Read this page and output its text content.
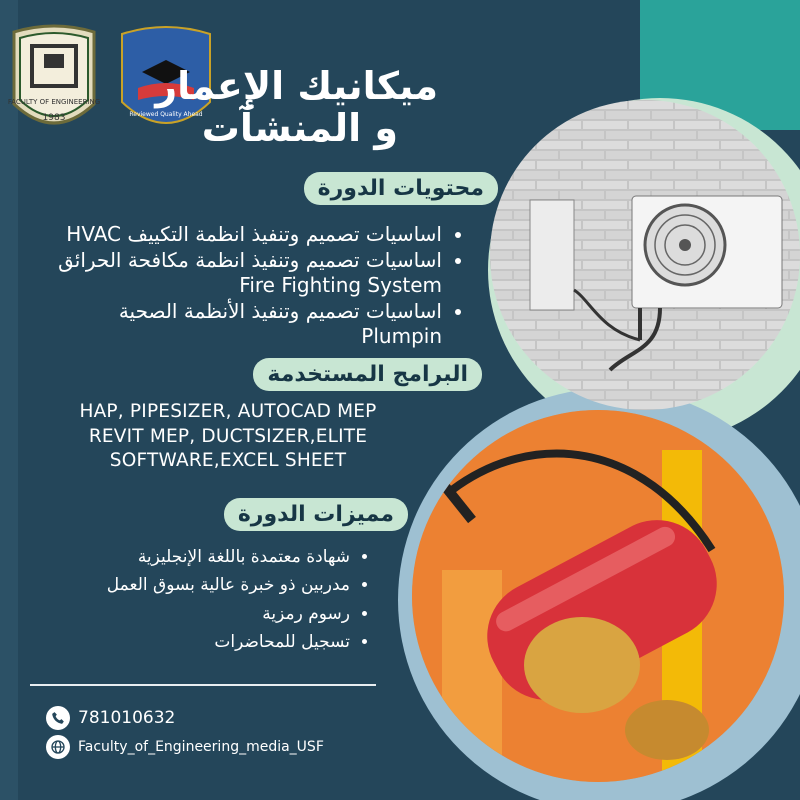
FACULTY OF ENGINEERING
1983	Reviewed Quality Ahead
ميكانيك الإعمار
و المنشآت
محتويات الدورة
• اساسيات تصميم وتنفيذ انظمة التكييف HVAC
• اساسيات تصميم وتنفيذ انظمة مكافحة الحرائق
Fire Fighting System
• اساسيات تصميم وتنفيذ الأنظمة الصحية
Plumpin
البرامج المستخدمة
HAP, PIPESIZER, AUTOCAD MEP
REVIT MEP, DUCTSIZER,ELITE
SOFTWARE,EXCEL SHEET
مميزات الدورة
• شهادة معتمدة باللغة الإنجليزية
• مدربين ذو خبرة عالية بسوق العمل
• رسوم رمزية
• تسجيل للمحاضرات
781010632
Faculty_of_Engineering_media_USF
